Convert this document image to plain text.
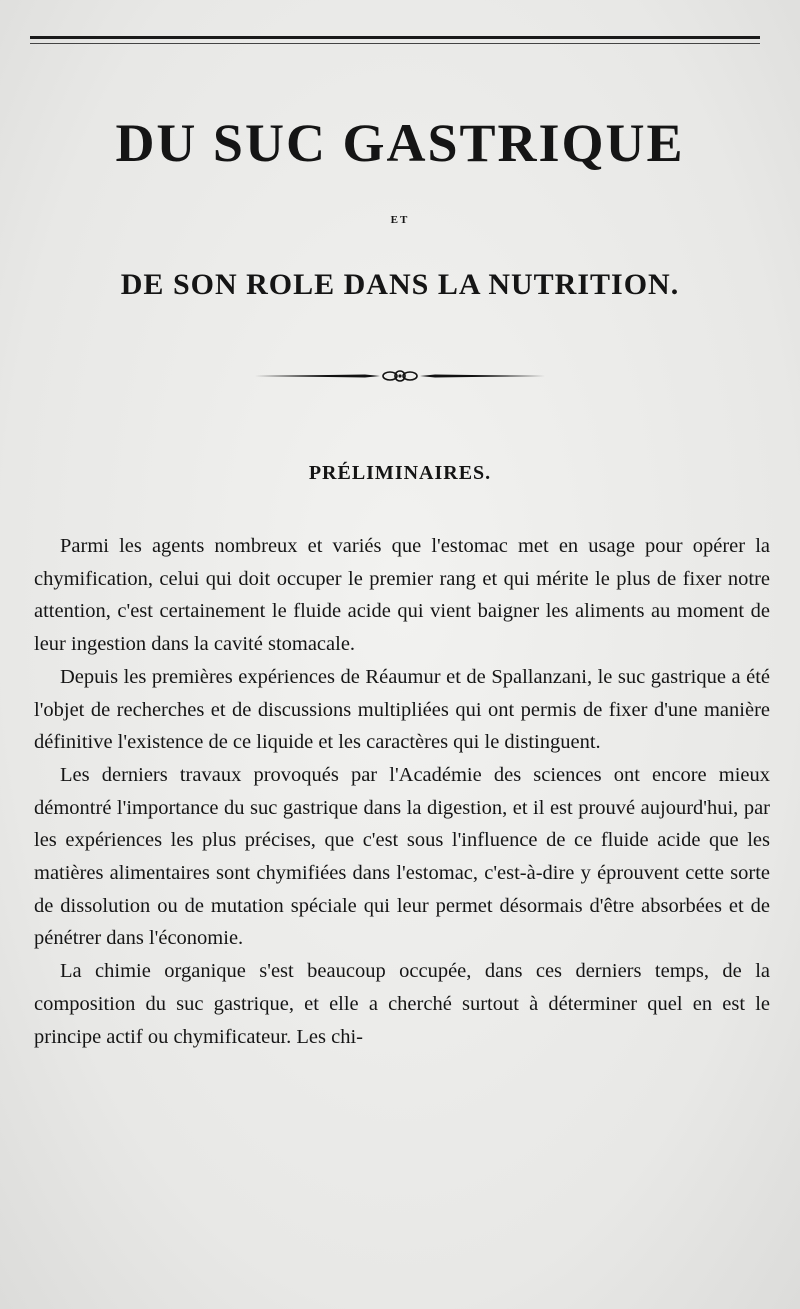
DU SUC GASTRIQUE
ET
DE SON ROLE DANS LA NUTRITION.
PRÉLIMINAIRES.

Parmi les agents nombreux et variés que l'estomac met en usage pour opérer la chymification, celui qui doit occuper le premier rang et qui mérite le plus de fixer notre attention, c'est certainement le fluide acide qui vient baigner les aliments au moment de leur ingestion dans la cavité stomacale.

Depuis les premières expériences de Réaumur et de Spallanzani, le suc gastrique a été l'objet de recherches et de discussions multipliées qui ont permis de fixer d'une manière définitive l'existence de ce liquide et les caractères qui le distinguent.

Les derniers travaux provoqués par l'Académie des sciences ont encore mieux démontré l'importance du suc gastrique dans la digestion, et il est prouvé aujourd'hui, par les expériences les plus précises, que c'est sous l'influence de ce fluide acide que les matières alimentaires sont chymifiées dans l'estomac, c'est-à-dire y éprouvent cette sorte de dissolution ou de mutation spéciale qui leur permet désormais d'être absorbées et de pénétrer dans l'économie.

La chimie organique s'est beaucoup occupée, dans ces derniers temps, de la composition du suc gastrique, et elle a cherché surtout à déterminer quel en est le principe actif ou chymificateur. Les chi-
